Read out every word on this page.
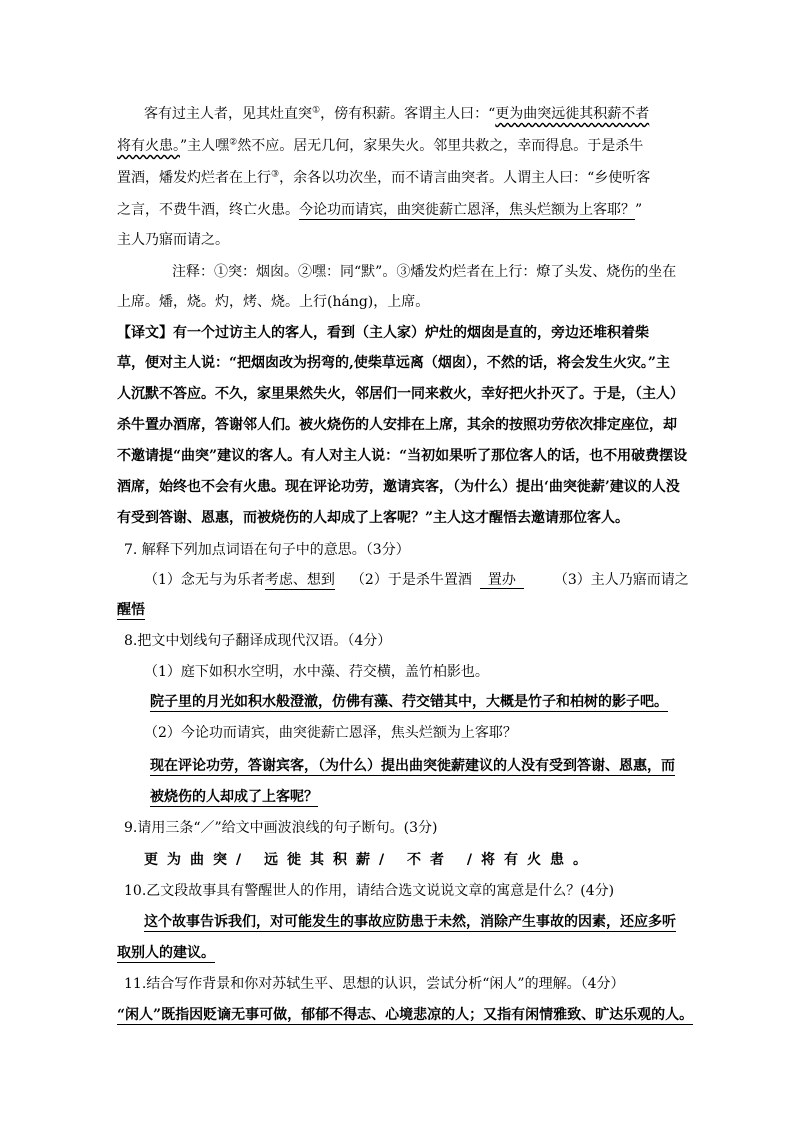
客有过主人者，见其灶直突①，傍有积薪。客谓主人曰：“更为曲突远徙其积薪不者
将有火患。”主人嘿②然不应。居无几何，家果失火。邻里共救之，幸而得息。于是杀牛
置酒，燔发灼烂者在上行③，余各以功次坐，而不请言曲突者。人谓主人曰：“乡使听客
之言，不费牛酒，终亡火患。今论功而请宾，曲突徙薪亡恩泽，焦头烂额为上客耶？”
主人乃寤而请之。
注释：①突：烟囱。②嘿：同“默”。③燔发灼烂者在上行：燎了头发、烧伤的坐在
上席。燔，烧。灼，烤、烧。上行(háng)，上席。
【译文】有一个过访主人的客人，看到（主人家）炉灶的烟囱是直的，旁边还堆积着柴
草，便对主人说：“把烟囱改为拐弯的,使柴草远离（烟囱），不然的话，将会发生火灾。”主
人沉默不答应。不久，家里果然失火，邻居们一同来救火，幸好把火扑灭了。于是，（主人）
杀牛置办酒席，答谢邻人们。被火烧伤的人安排在上席，其余的按照功劳依次排定座位，却
不邀请提“曲突”建议的客人。有人对主人说：“当初如果听了那位客人的话，也不用破费摆设
酒席，始终也不会有火患。现在评论功劳，邀请宾客，（为什么）提出‘曲突徙薪’建议的人没
有受到答谢、恩惠，而被烧伤的人却成了上客呢？”主人这才醒悟去邀请那位客人。
7. 解释下列加点词语在句子中的意思。（3分）
（1）念无与为乐者考虑、想到 （2）于是杀牛置酒 置办	（3）主人乃寤而请之
醒悟
8.把文中划线句子翻译成现代汉语。（4分）
（1）庭下如积水空明，水中藻、荇交横，盖竹柏影也。
院子里的月光如积水般澄澈，仿佛有藻、荇交错其中，大概是竹子和柏树的影子吧。
（2）今论功而请宾，曲突徙薪亡恩泽，焦头烂额为上客耶？
现在评论功劳，答谢宾客，（为什么）提出曲突徙薪建议的人没有受到答谢、恩惠，而
被烧伤的人却成了上客呢？
9.请用三条“／”给文中画波浪线的句子断句。(3分)
更为曲突/ 远徙其积薪/ 不者 /将有火患。
10.乙文段故事具有警醒世人的作用，请结合选文说说文章的寓意是什么？(4分)
这个故事告诉我们，对可能发生的事故应防患于未然，消除产生事故的因素，还应多听
取别人的建议。
11.结合写作背景和你对苏轼生平、思想的认识，尝试分析“闲人”的理解。（4分）
“闲人”既指因贬谪无事可做，郁郁不得志、心境悲凉的人；又指有闲情雅致、旷达乐观的人。
